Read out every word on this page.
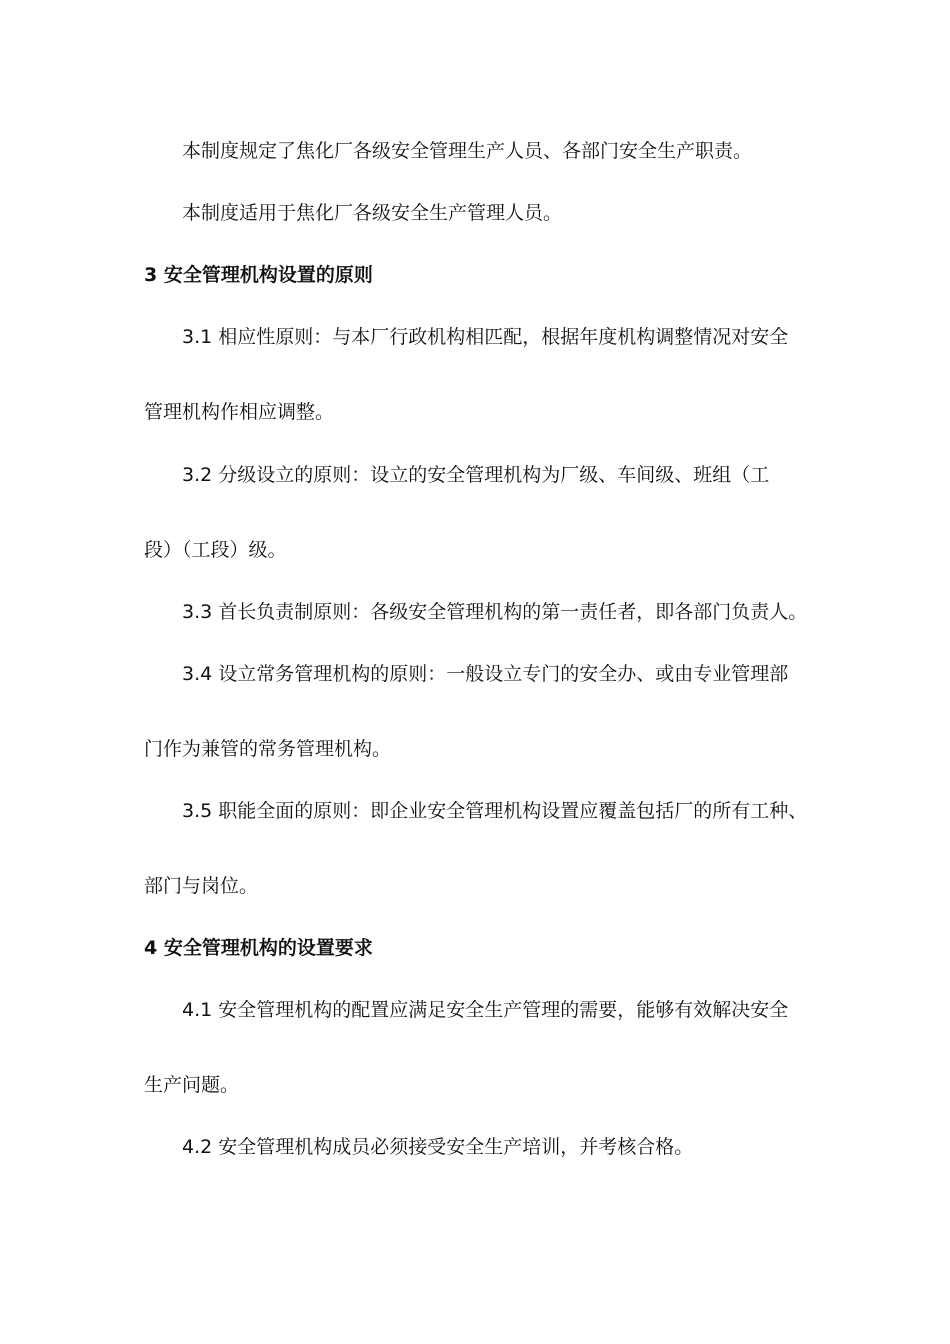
本制度规定了焦化厂各级安全管理生产人员、各部门安全生产职责。
本制度适用于焦化厂各级安全生产管理人员。
3 安全管理机构设置的原则
3.1 相应性原则：与本厂行政机构相匹配，根据年度机构调整情况对安全
管理机构作相应调整。
3.2 分级设立的原则：设立的安全管理机构为厂级、车间级、班组（工
段）（工段）级。
3.3 首长负责制原则：各级安全管理机构的第一责任者，即各部门负责人。
3.4 设立常务管理机构的原则：一般设立专门的安全办、或由专业管理部
门作为兼管的常务管理机构。
3.5 职能全面的原则：即企业安全管理机构设置应覆盖包括厂的所有工种、
部门与岗位。
4 安全管理机构的设置要求
4.1 安全管理机构的配置应满足安全生产管理的需要，能够有效解决安全
生产问题。
4.2 安全管理机构成员必须接受安全生产培训，并考核合格。
